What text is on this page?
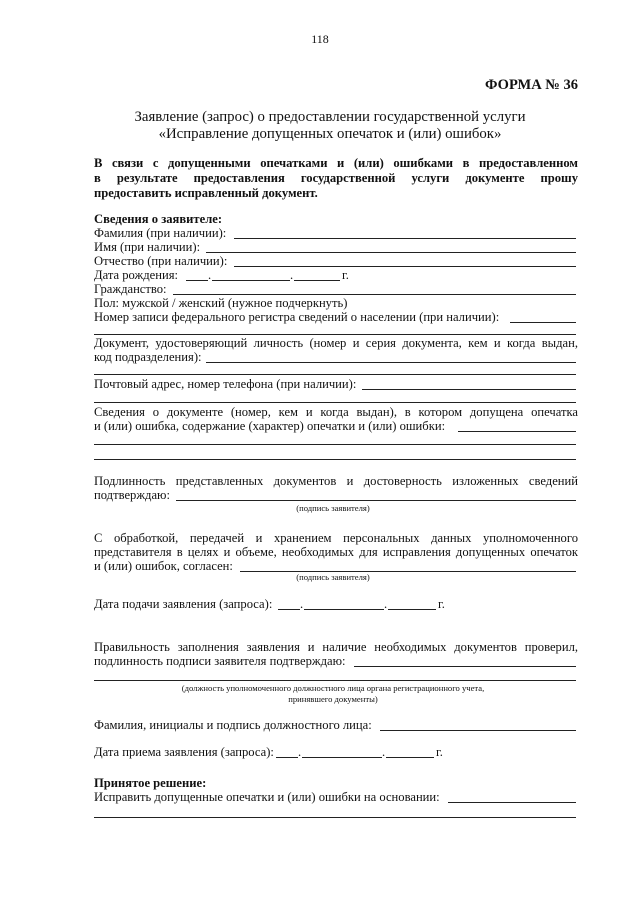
118
ФОРМА № 36
Заявление (запрос) о предоставлении государственной услуги
«Исправление допущенных опечаток и (или) ошибок»
В связи с допущенными опечатками и (или) ошибками в предоставленном
в результате предоставления государственной услуги документе прошу
предоставить исправленный документ.
Сведения о заявителе:
Фамилия (при наличии):
Имя (при наличии):
Отчество (при наличии):
Дата рождения: .	.	г.
Гражданство:
Пол: мужской / женский (нужное подчеркнуть)
Номер записи федерального регистра сведений о населении (при наличии):
Документ, удостоверяющий личность (номер и серия документа, кем и когда выдан,
код подразделения):
Почтовый адрес, номер телефона (при наличии):
Сведения о документе (номер, кем и когда выдан), в котором допущена опечатка
и (или) ошибка, содержание (характер) опечатки и (или) ошибки:
Подлинность представленных документов и достоверность изложенных сведений
подтверждаю:
(подпись заявителя)
С обработкой, передачей и хранением персональных данных уполномоченного
представителя в целях и объеме, необходимых для исправления допущенных опечаток
и (или) ошибок, согласен:
(подпись заявителя)
Дата подачи заявления (запроса): .	.	г.
Правильность заполнения заявления и наличие необходимых документов проверил,
подлинность подписи заявителя подтверждаю:
(должность уполномоченного должностного лица органа регистрационного учета,
принявшего документы)
Фамилия, инициалы и подпись должностного лица:
Дата приема заявления (запроса): .	.	г.
Принятое решение:
Исправить допущенные опечатки и (или) ошибки на основании:
